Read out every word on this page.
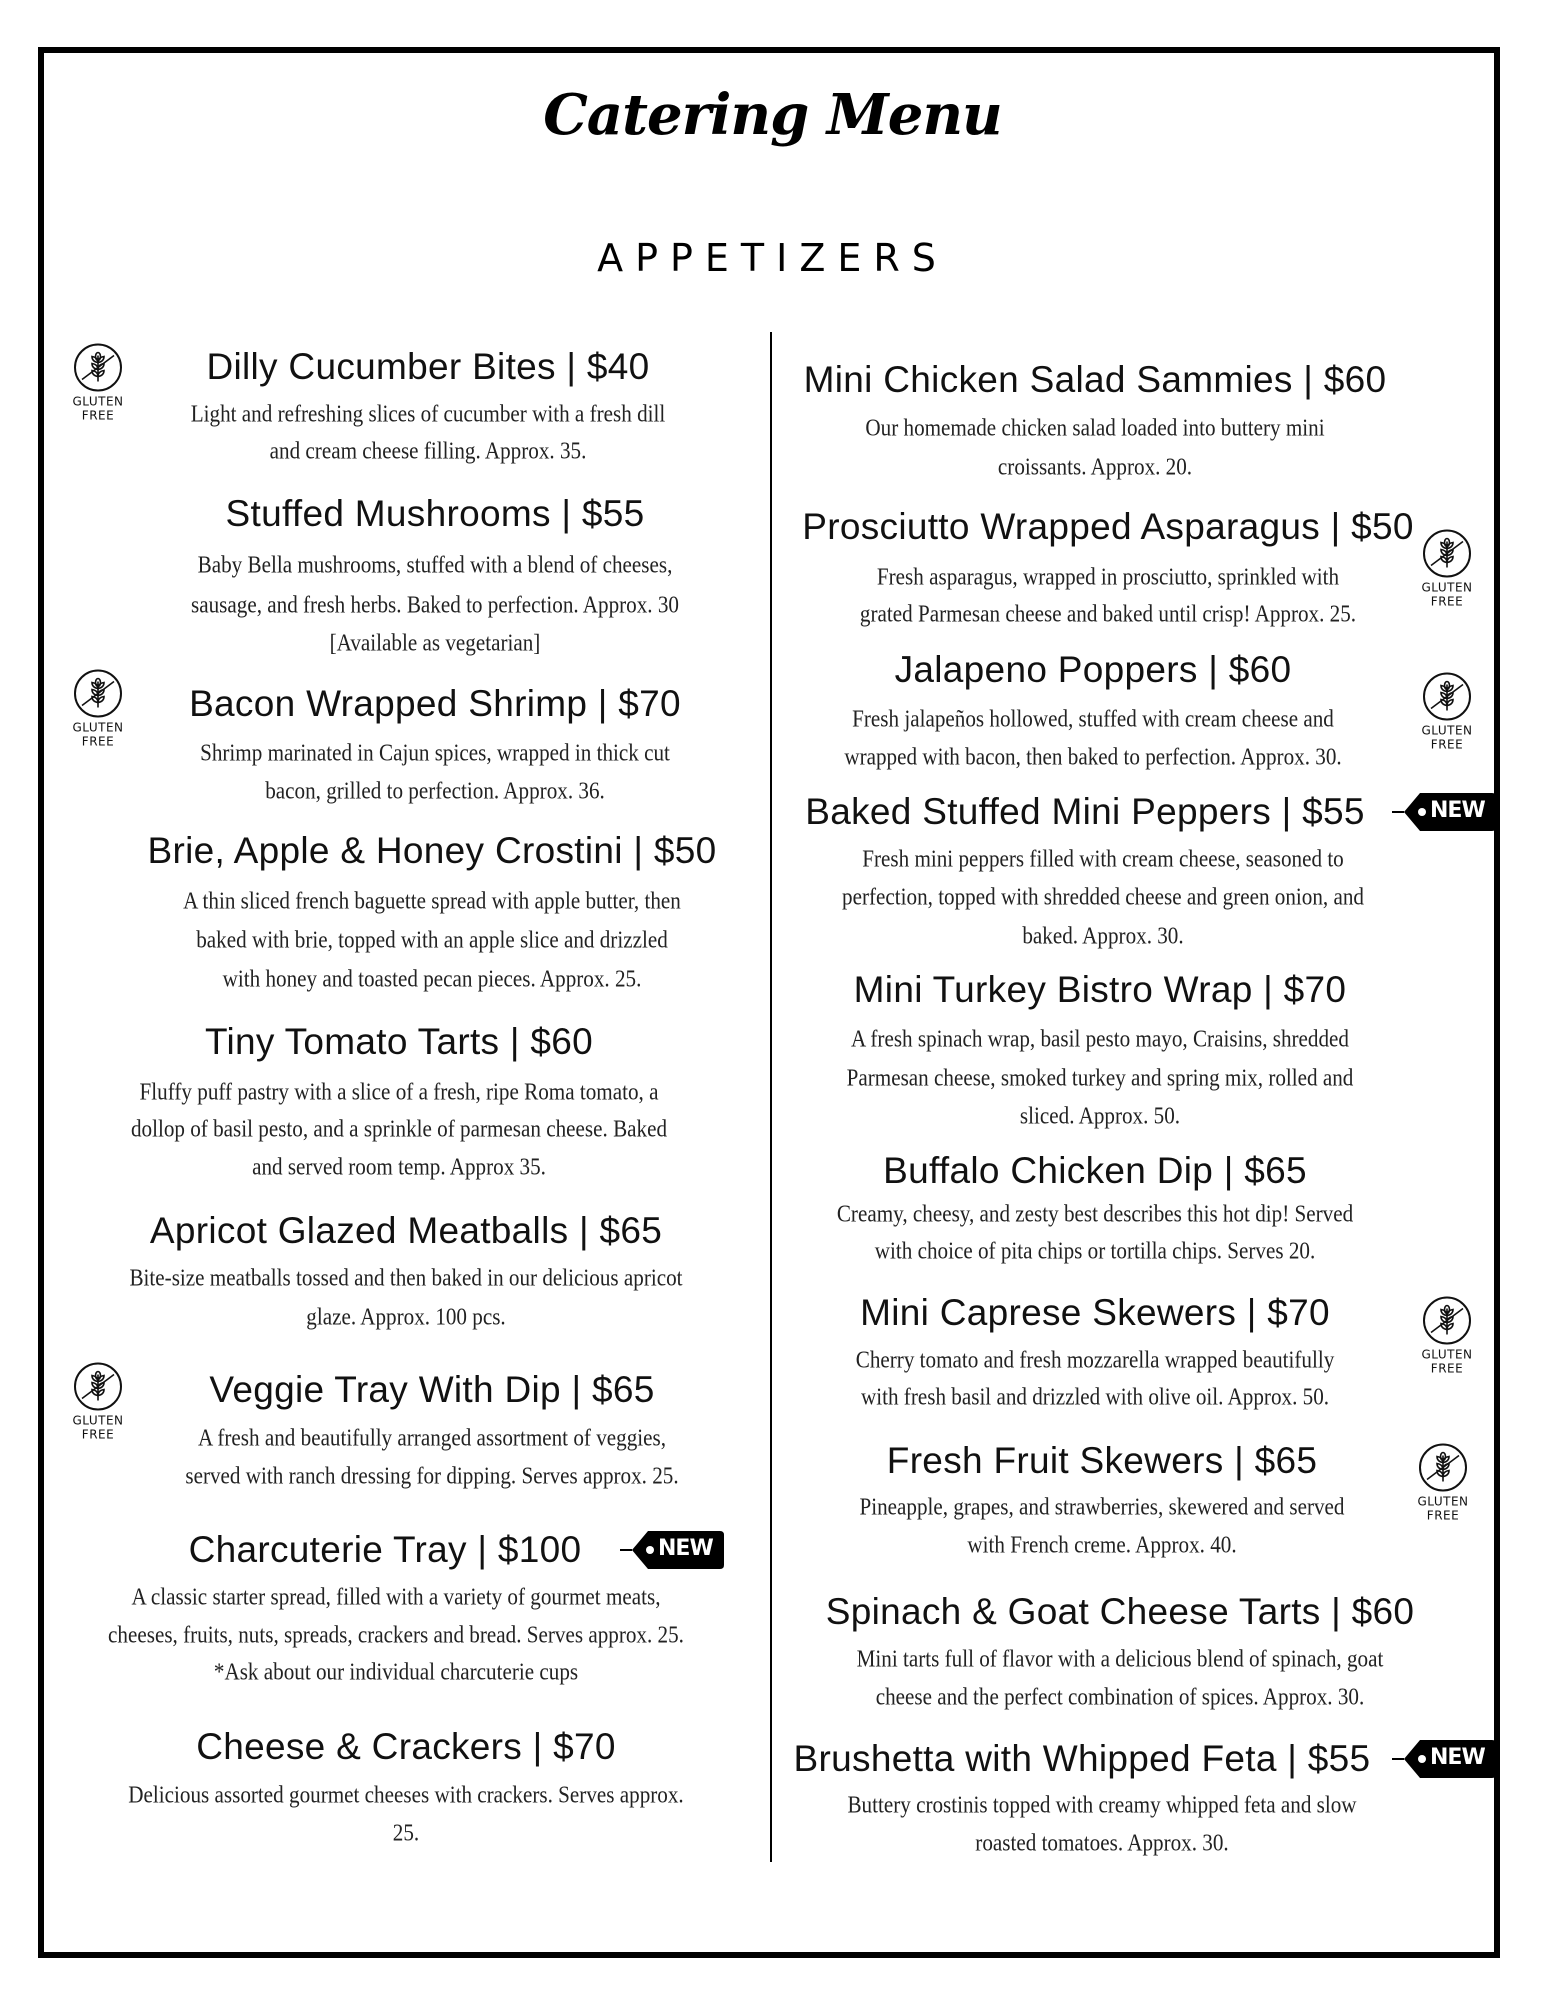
Catering Menu
APPETIZERS
Dilly Cucumber Bites | $40
Light and refreshing slices of cucumber with a fresh dill
and cream cheese filling. Approx. 35.
GLUTEN
FREE
Stuffed Mushrooms | $55
Baby Bella mushrooms, stuffed with a blend of cheeses,
sausage, and fresh herbs. Baked to perfection. Approx. 30
[Available as vegetarian]
Bacon Wrapped Shrimp | $70
Shrimp marinated in Cajun spices, wrapped in thick cut
bacon, grilled to perfection. Approx. 36.
GLUTEN
FREE
Brie, Apple & Honey Crostini | $50
A thin sliced french baguette spread with apple butter, then
baked with brie, topped with an apple slice and drizzled
with honey and toasted pecan pieces. Approx. 25.
Tiny Tomato Tarts | $60
Fluffy puff pastry with a slice of a fresh, ripe Roma tomato, a
dollop of basil pesto, and a sprinkle of parmesan cheese. Baked
and served room temp. Approx 35.
Apricot Glazed Meatballs | $65
Bite-size meatballs tossed and then baked in our delicious apricot
glaze. Approx. 100 pcs.
Veggie Tray With Dip | $65
A fresh and beautifully arranged assortment of veggies,
served with ranch dressing for dipping. Serves approx. 25.
GLUTEN
FREE
Charcuterie Tray | $100
A classic starter spread, filled with a variety of gourmet meats,
cheeses, fruits, nuts, spreads, crackers and bread. Serves approx. 25.
*Ask about our individual charcuterie cups
NEW
Cheese & Crackers | $70
Delicious assorted gourmet cheeses with crackers. Serves approx.
25.
Mini Chicken Salad Sammies | $60
Our homemade chicken salad loaded into buttery mini
croissants. Approx. 20.
Prosciutto Wrapped Asparagus | $50
Fresh asparagus, wrapped in prosciutto, sprinkled with
grated Parmesan cheese and baked until crisp! Approx. 25.
GLUTEN
FREE
Jalapeno Poppers | $60
Fresh jalapeños hollowed, stuffed with cream cheese and
wrapped with bacon, then baked to perfection. Approx. 30.
GLUTEN
FREE
Baked Stuffed Mini Peppers | $55
Fresh mini peppers filled with cream cheese, seasoned to
perfection, topped with shredded cheese and green onion, and
baked. Approx. 30.
NEW
Mini Turkey Bistro Wrap | $70
A fresh spinach wrap, basil pesto mayo, Craisins, shredded
Parmesan cheese, smoked turkey and spring mix, rolled and
sliced. Approx. 50.
Buffalo Chicken Dip | $65
Creamy, cheesy, and zesty best describes this hot dip! Served
with choice of pita chips or tortilla chips. Serves 20.
Mini Caprese Skewers | $70
Cherry tomato and fresh mozzarella wrapped beautifully
with fresh basil and drizzled with olive oil. Approx. 50.
GLUTEN
FREE
Fresh Fruit Skewers | $65
Pineapple, grapes, and strawberries, skewered and served
with French creme. Approx. 40.
GLUTEN
FREE
Spinach & Goat Cheese Tarts | $60
Mini tarts full of flavor with a delicious blend of spinach, goat
cheese and the perfect combination of spices. Approx. 30.
Brushetta with Whipped Feta | $55
Buttery crostinis topped with creamy whipped feta and slow
roasted tomatoes. Approx. 30.
NEW
